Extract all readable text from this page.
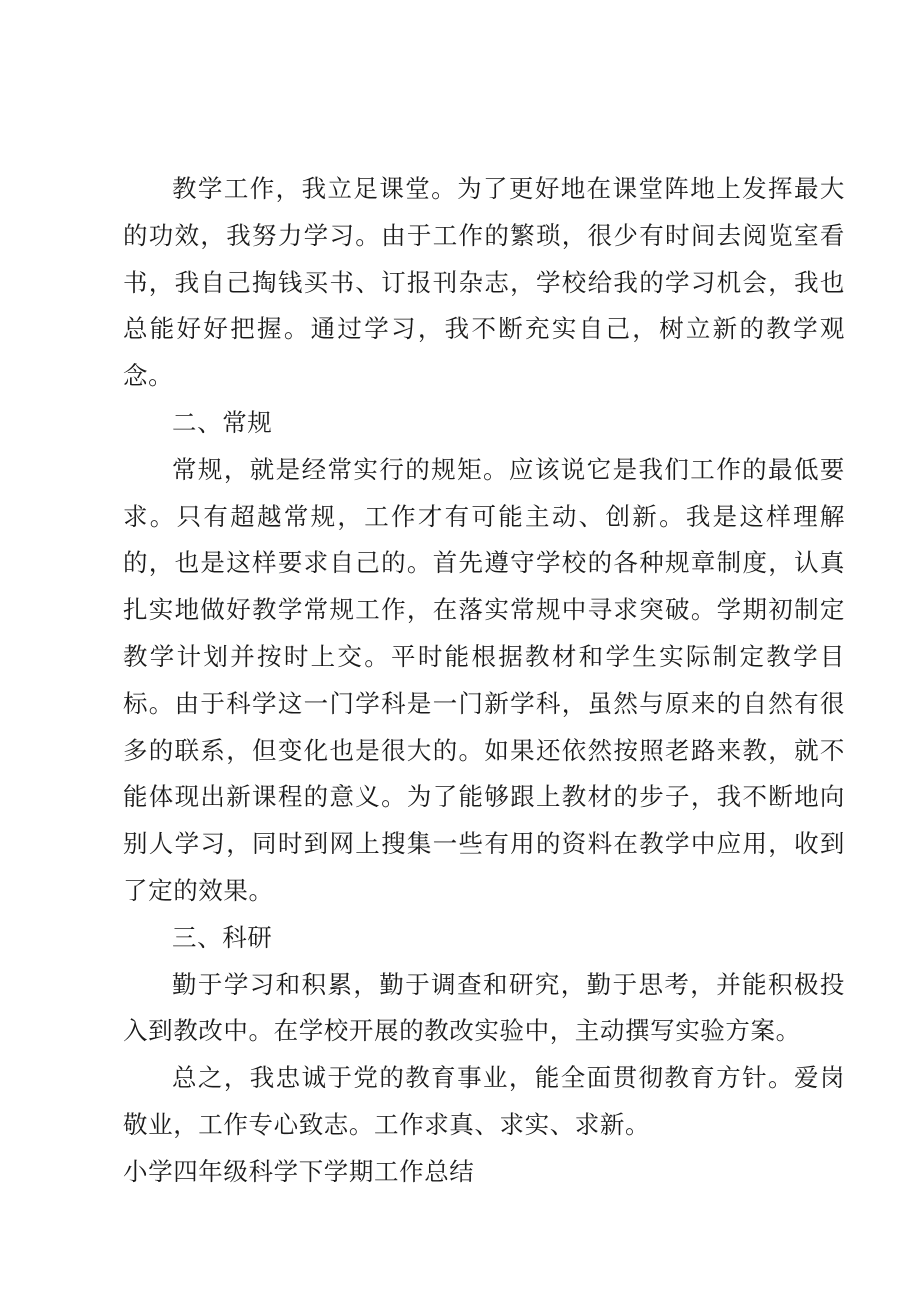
教学工作，我立足课堂。为了更好地在课堂阵地上发挥最大的功效，我努力学习。由于工作的繁琐，很少有时间去阅览室看书，我自己掏钱买书、订报刊杂志，学校给我的学习机会，我也总能好好把握。通过学习，我不断充实自己，树立新的教学观念。

二、常规

常规，就是经常实行的规矩。应该说它是我们工作的最低要求。只有超越常规，工作才有可能主动、创新。我是这样理解的，也是这样要求自己的。首先遵守学校的各种规章制度，认真扎实地做好教学常规工作，在落实常规中寻求突破。学期初制定教学计划并按时上交。平时能根据教材和学生实际制定教学目标。由于科学这一门学科是一门新学科，虽然与原来的自然有很多的联系，但变化也是很大的。如果还依然按照老路来教，就不能体现出新课程的意义。为了能够跟上教材的步子，我不断地向别人学习，同时到网上搜集一些有用的资料在教学中应用，收到了定的效果。

三、科研

勤于学习和积累，勤于调查和研究，勤于思考，并能积极投入到教改中。在学校开展的教改实验中，主动撰写实验方案。

总之，我忠诚于党的教育事业，能全面贯彻教育方针。爱岗敬业，工作专心致志。工作求真、求实、求新。

小学四年级科学下学期工作总结
